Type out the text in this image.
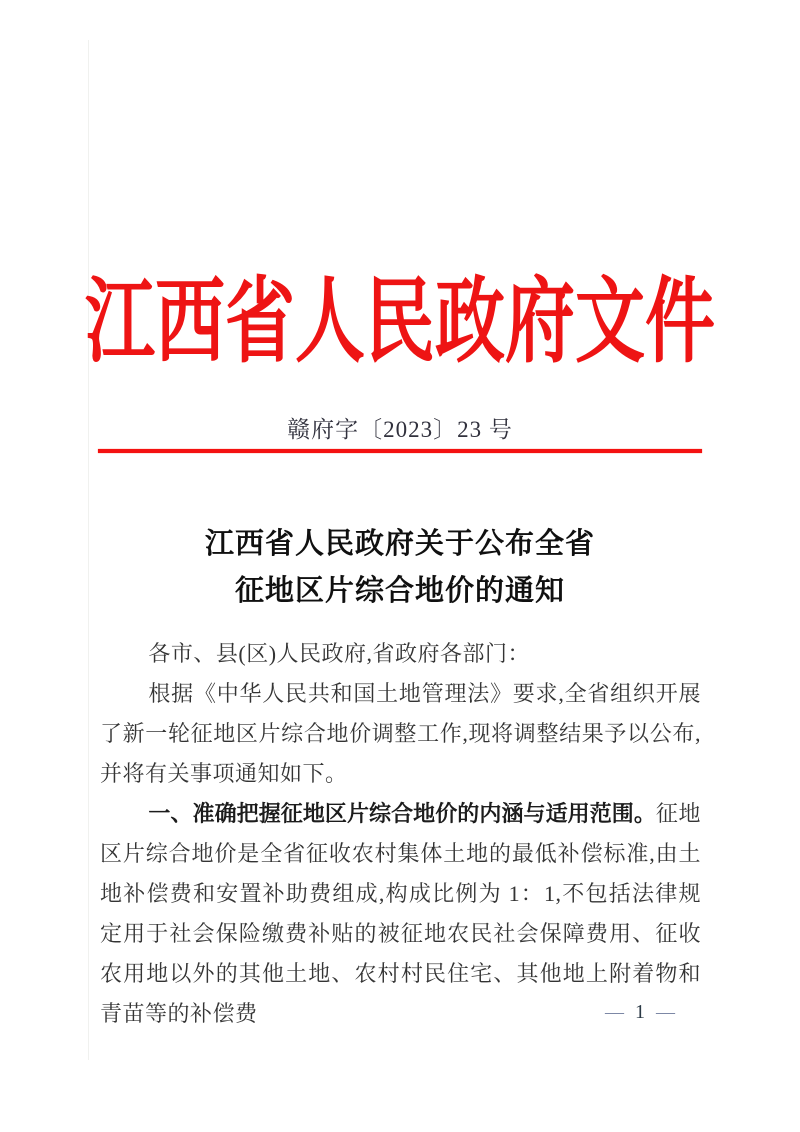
江西省人民政府文件
赣府字〔2023〕23 号
江西省人民政府关于公布全省
征地区片综合地价的通知

各市、县(区)人民政府,省政府各部门：

根据《中华人民共和国土地管理法》要求,全省组织开展了新一轮征地区片综合地价调整工作,现将调整结果予以公布,并将有关事项通知如下。

一、准确把握征地区片综合地价的内涵与适用范围。征地区片综合地价是全省征收农村集体土地的最低补偿标准,由土地补偿费和安置补助费组成,构成比例为 1：1,不包括法律规定用于社会保险缴费补贴的被征地农民社会保障费用、征收农用地以外的其他土地、农村村民住宅、其他地上附着物和青苗等的补偿费	— 1 —
